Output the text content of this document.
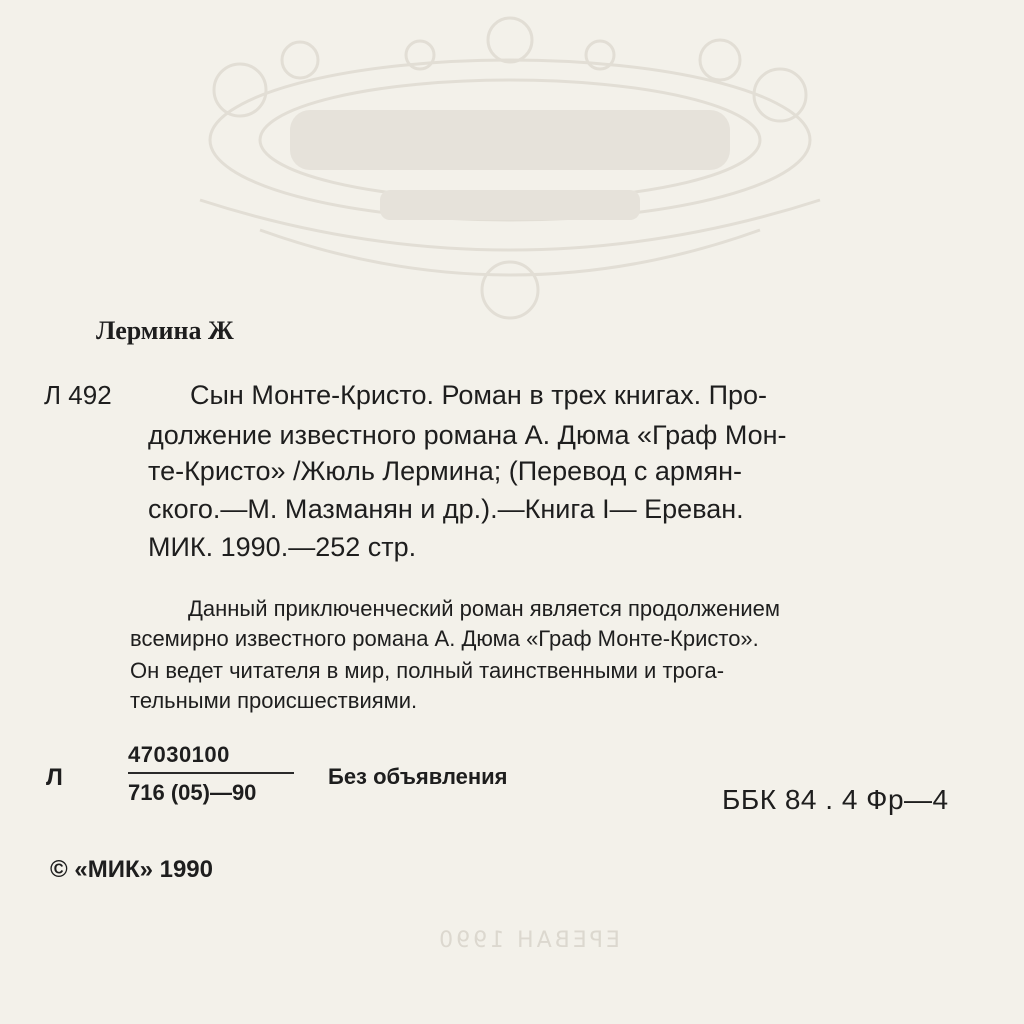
ЕРЕВАН 1990
Лермина Ж
Л 492	Сын Монте-Кристо. Роман в трех книгах. Про-
должение известного романа А. Дюма «Граф Мон-
те-Кристо» /Жюль Лермина; (Перевод с армян-
ского.—М. Мазманян и др.).—Книга I— Ереван.
МИК. 1990.—252 стр.
Данный приключенческий роман является продолжением
всемирно известного романа А. Дюма «Граф Монте-Кристо».
Он ведет читателя в мир, полный таинственными и трога-
тельными происшествиями.
Л
47030100
716 (05)—90
Без объявления
ББК 84 . 4 Фр—4
© «МИК» 1990
